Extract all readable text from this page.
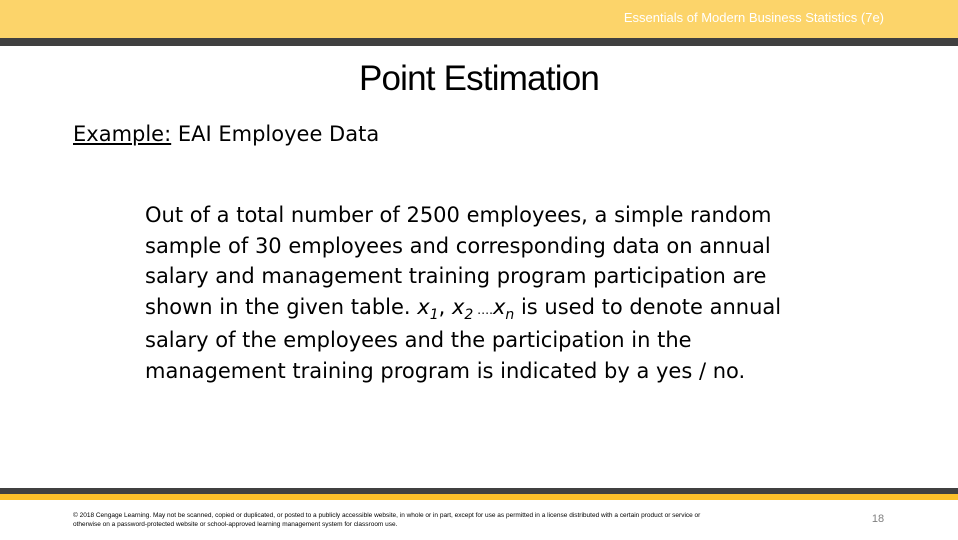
Essentials of Modern Business Statistics (7e)
Point Estimation
Example: EAI Employee Data
Out of a total number of 2500 employees, a simple random
sample of 30 employees and corresponding data on annual
salary and management training program participation are
shown in the given table. $x_1$, $x_2$ $\dots.x_n$ is used to denote annual
salary of the employees and the participation in the
management training program is indicated by a yes / no.
© 2018 Cengage Learning. May not be scanned, copied or duplicated, or posted to a publicly accessible website, in whole or in part, except for use as permitted in a license distributed with a certain product or service or
otherwise on a password-protected website or school-approved learning management system for classroom use.	18
